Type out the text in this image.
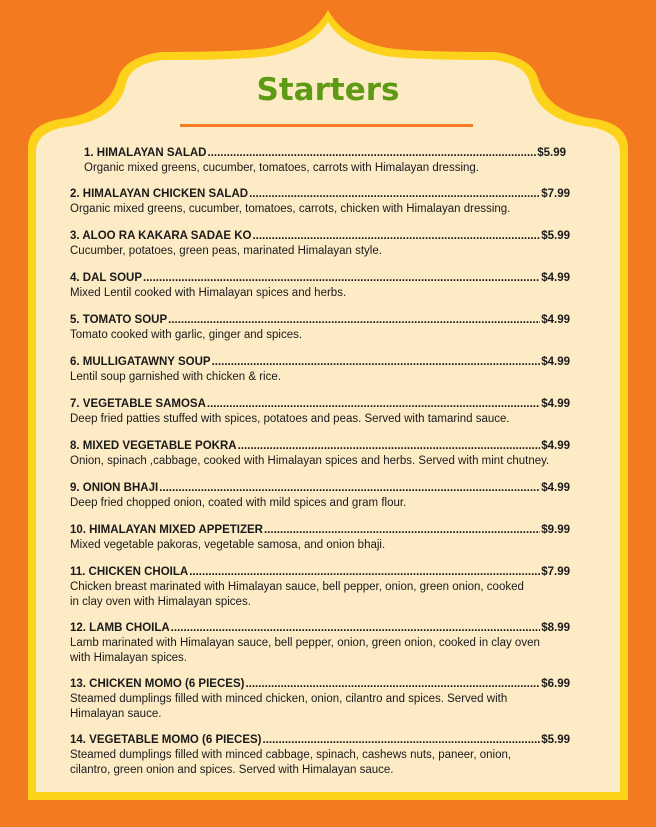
Starters
1. HIMALAYAN SALAD .....	$5.99
Organic mixed greens, cucumber, tomatoes, carrots with Himalayan dressing.
2. HIMALAYAN CHICKEN SALAD .....	$7.99
Organic mixed greens, cucumber, tomatoes, carrots, chicken with Himalayan dressing.
3. ALOO RA KAKARA SADAE KO .....	$5.99
Cucumber, potatoes, green peas, marinated Himalayan style.
4. DAL SOUP .....	$4.99
Mixed Lentil cooked with Himalayan spices and herbs.
5. TOMATO SOUP .....	$4.99
Tomato cooked with garlic, ginger and spices.
6. MULLIGATAWNY SOUP .....	$4.99
Lentil soup garnished with chicken & rice.
7. VEGETABLE SAMOSA .....	$4.99
Deep fried patties stuffed with spices, potatoes and peas. Served with tamarind sauce.
8. MIXED VEGETABLE POKRA .....	$4.99
Onion, spinach ,cabbage, cooked with Himalayan spices and herbs. Served with mint chutney.
9. ONION BHAJI .....	$4.99
Deep fried chopped onion, coated with mild spices and gram flour.
10. HIMALAYAN MIXED APPETIZER .....	$9.99
Mixed vegetable pakoras, vegetable samosa, and onion bhaji.
11. CHICKEN CHOILA .....	$7.99
Chicken breast marinated with Himalayan sauce, bell pepper, onion, green onion, cooked
in clay oven with Himalayan spices.
12. LAMB CHOILA .....	$8.99
Lamb marinated with Himalayan sauce, bell pepper, onion, green onion, cooked in clay oven
with Himalayan spices.
13. CHICKEN MOMO (6 PIECES) .....	$6.99
Steamed dumplings filled with minced chicken, onion, cilantro and spices. Served with
Himalayan sauce.
14. VEGETABLE MOMO (6 PIECES) .....	$5.99
Steamed dumplings filled with minced cabbage, spinach, cashews nuts, paneer, onion,
cilantro, green onion and spices. Served with Himalayan sauce.
